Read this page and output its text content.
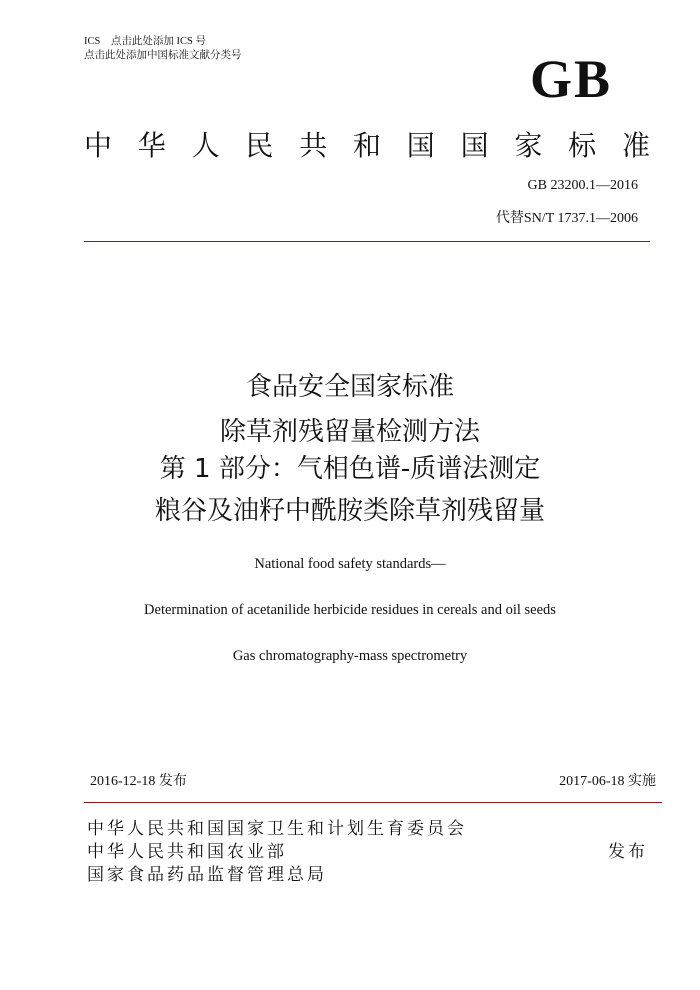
ICS　点击此处添加 ICS 号
点击此处添加中国标准文献分类号	GB
中 华 人 民 共 和 国 国 家 标 准
GB 23200.1—2016
代替SN/T 1737.1—2006
食品安全国家标准
除草剂残留量检测方法
第 1 部分：气相色谱-质谱法测定
粮谷及油籽中酰胺类除草剂残留量
National food safety standards—
Determination of acetanilide herbicide residues in cereals and oil seeds
Gas chromatography-mass spectrometry
2016-12-18 发布	2017-06-18 实施
中华人民共和国国家卫生和计划生育委员会
中华人民共和国农业部
国家食品药品监督管理总局
发布
